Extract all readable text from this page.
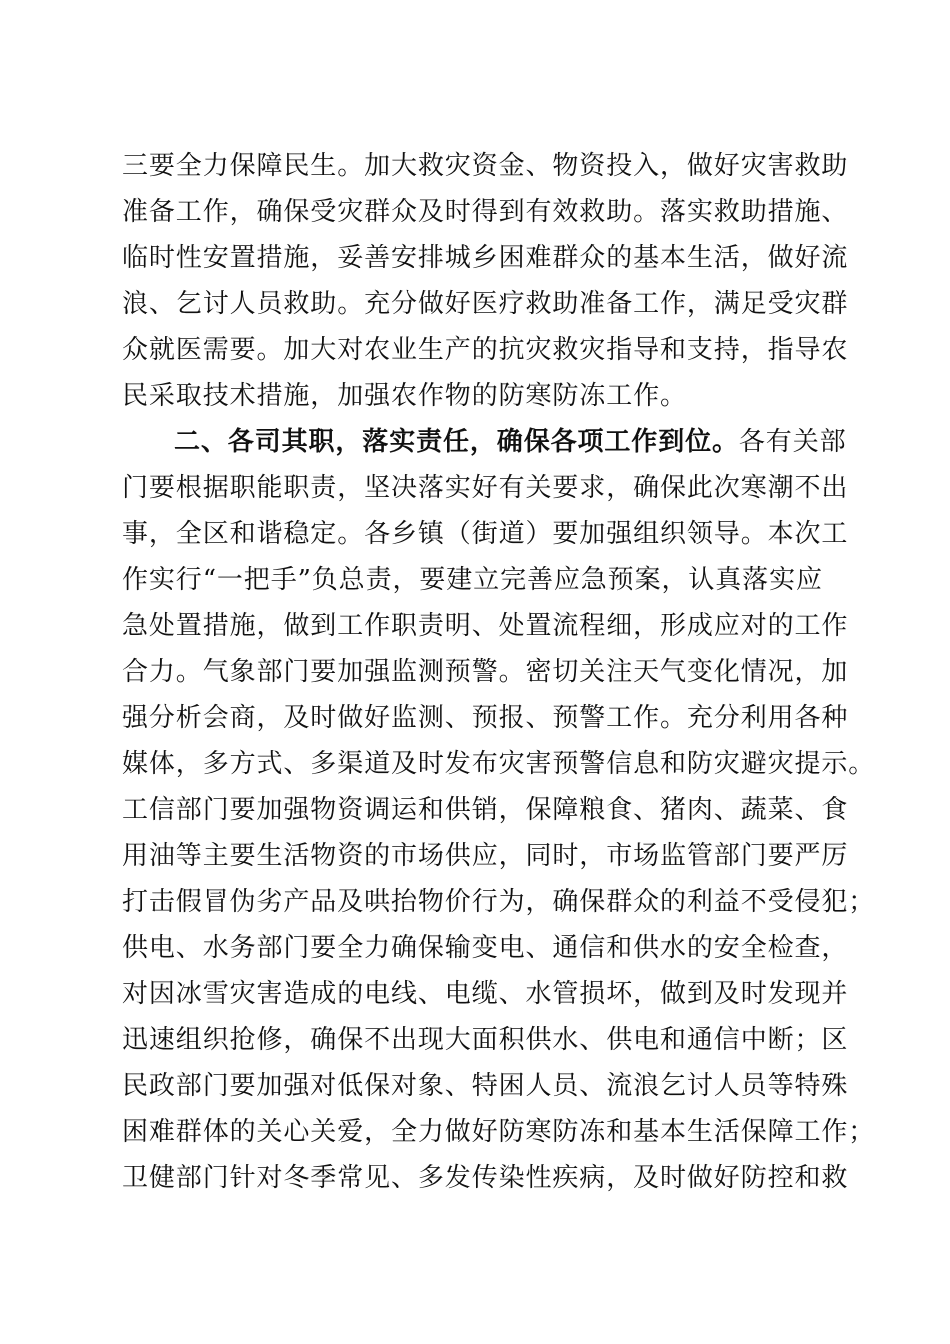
三要全力保障民生。加大救灾资金、物资投入，做好灾害救助
准备工作，确保受灾群众及时得到有效救助。落实救助措施、
临时性安置措施，妥善安排城乡困难群众的基本生活，做好流
浪、乞讨人员救助。充分做好医疗救助准备工作，满足受灾群
众就医需要。加大对农业生产的抗灾救灾指导和支持，指导农
民采取技术措施，加强农作物的防寒防冻工作。
二、各司其职，落实责任，确保各项工作到位。各有关部
门要根据职能职责，坚决落实好有关要求，确保此次寒潮不出
事，全区和谐稳定。各乡镇（街道）要加强组织领导。本次工
作实行“一把手”负总责，要建立完善应急预案，认真落实应
急处置措施，做到工作职责明、处置流程细，形成应对的工作
合力。气象部门要加强监测预警。密切关注天气变化情况，加
强分析会商，及时做好监测、预报、预警工作。充分利用各种
媒体，多方式、多渠道及时发布灾害预警信息和防灾避灾提示。
工信部门要加强物资调运和供销，保障粮食、猪肉、蔬菜、食
用油等主要生活物资的市场供应，同时，市场监管部门要严厉
打击假冒伪劣产品及哄抬物价行为，确保群众的利益不受侵犯；
供电、水务部门要全力确保输变电、通信和供水的安全检查，
对因冰雪灾害造成的电线、电缆、水管损坏，做到及时发现并
迅速组织抢修，确保不出现大面积供水、供电和通信中断；区
民政部门要加强对低保对象、特困人员、流浪乞讨人员等特殊
困难群体的关心关爱，全力做好防寒防冻和基本生活保障工作；
卫健部门针对冬季常见、多发传染性疾病，及时做好防控和救
